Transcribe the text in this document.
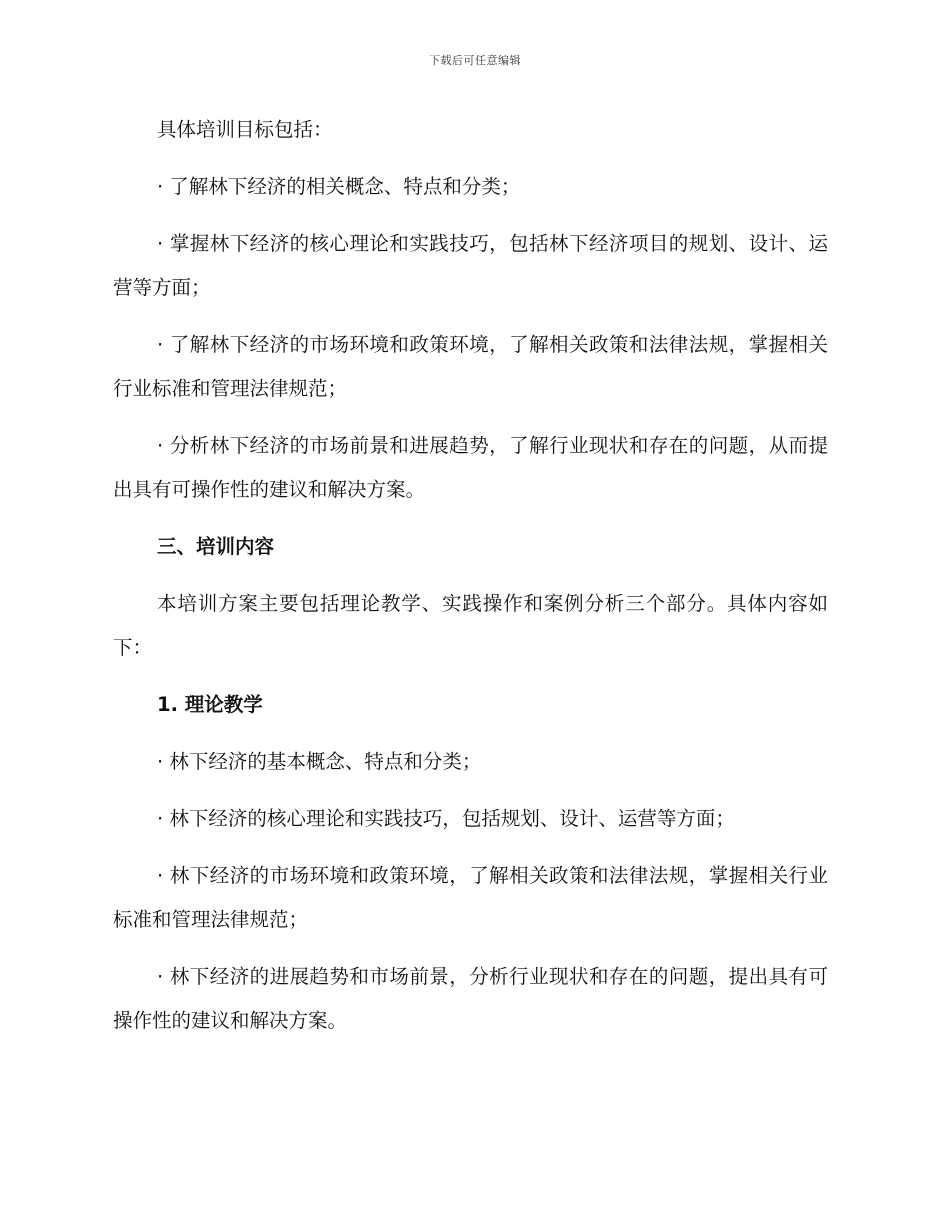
下载后可任意编辑

具体培训目标包括：

· 了解林下经济的相关概念、特点和分类；

· 掌握林下经济的核心理论和实践技巧，包括林下经济项目的规划、设计、运营等方面；

· 了解林下经济的市场环境和政策环境，了解相关政策和法律法规，掌握相关行业标准和管理法律规范；

· 分析林下经济的市场前景和进展趋势，了解行业现状和存在的问题，从而提出具有可操作性的建议和解决方案。

三、培训内容

本培训方案主要包括理论教学、实践操作和案例分析三个部分。具体内容如下：

1. 理论教学

· 林下经济的基本概念、特点和分类；

· 林下经济的核心理论和实践技巧，包括规划、设计、运营等方面；

· 林下经济的市场环境和政策环境，了解相关政策和法律法规，掌握相关行业标准和管理法律规范；

· 林下经济的进展趋势和市场前景，分析行业现状和存在的问题，提出具有可操作性的建议和解决方案。
